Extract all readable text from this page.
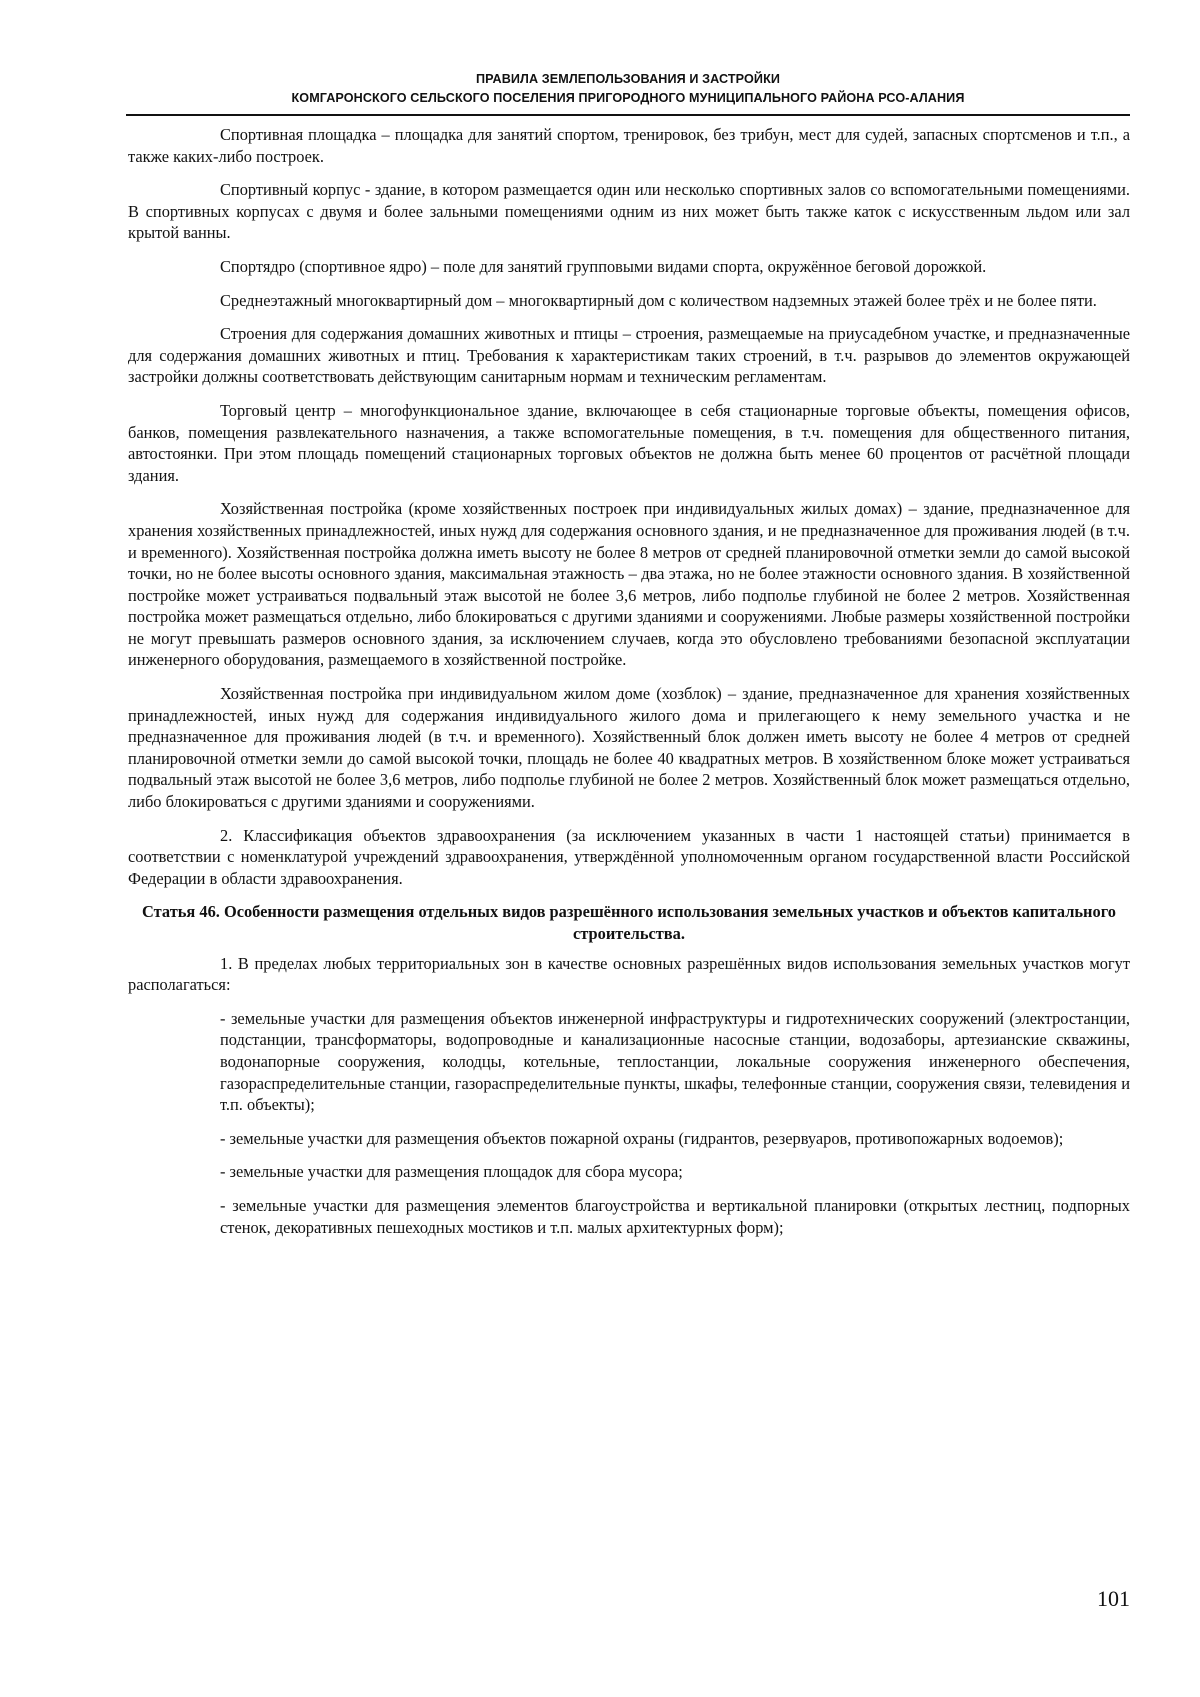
ПРАВИЛА ЗЕМЛЕПОЛЬЗОВАНИЯ И ЗАСТРОЙКИ
КОМГАРОНСКОГО СЕЛЬСКОГО ПОСЕЛЕНИЯ ПРИГОРОДНОГО МУНИЦИПАЛЬНОГО РАЙОНА РСО-АЛАНИЯ

Спортивная площадка – площадка для занятий спортом, тренировок, без трибун, мест для судей, запасных спортсменов и т.п., а также каких-либо построек.

Спортивный корпус - здание, в котором размещается один или несколько спортивных залов со вспомогательными помещениями. В спортивных корпусах с двумя и более зальными помещениями одним из них может быть также каток с искусственным льдом или зал крытой ванны.

Спортядро (спортивное ядро) – поле для занятий групповыми видами спорта, окружённое беговой дорожкой.

Среднеэтажный многоквартирный дом – многоквартирный дом с количеством надземных этажей более трёх и не более пяти.

Строения для содержания домашних животных и птицы – строения, размещаемые на приусадебном участке, и предназначенные для содержания домашних животных и птиц. Требования к характеристикам таких строений, в т.ч. разрывов до элементов окружающей застройки должны соответствовать действующим санитарным нормам и техническим регламентам.

Торговый центр – многофункциональное здание, включающее в себя стационарные торговые объекты, помещения офисов, банков, помещения развлекательного назначения, а также вспомогательные помещения, в т.ч. помещения для общественного питания, автостоянки. При этом площадь помещений стационарных торговых объектов не должна быть менее 60 процентов от расчётной площади здания.

Хозяйственная постройка (кроме хозяйственных построек при индивидуальных жилых домах) – здание, предназначенное для хранения хозяйственных принадлежностей, иных нужд для содержания основного здания, и не предназначенное для проживания людей (в т.ч. и временного). Хозяйственная постройка должна иметь высоту не более 8 метров от средней планировочной отметки земли до самой высокой точки, но не более высоты основного здания, максимальная этажность – два этажа, но не более этажности основного здания. В хозяйственной постройке может устраиваться подвальный этаж высотой не более 3,6 метров, либо подполье глубиной не более 2 метров. Хозяйственная постройка может размещаться отдельно, либо блокироваться с другими зданиями и сооружениями. Любые размеры хозяйственной постройки не могут превышать размеров основного здания, за исключением случаев, когда это обусловлено требованиями безопасной эксплуатации инженерного оборудования, размещаемого в хозяйственной постройке.

Хозяйственная постройка при индивидуальном жилом доме (хозблок) – здание, предназначенное для хранения хозяйственных принадлежностей, иных нужд для содержания индивидуального жилого дома и прилегающего к нему земельного участка и не предназначенное для проживания людей (в т.ч. и временного). Хозяйственный блок должен иметь высоту не более 4 метров от средней планировочной отметки земли до самой высокой точки, площадь не более 40 квадратных метров. В хозяйственном блоке может устраиваться подвальный этаж высотой не более 3,6 метров, либо подполье глубиной не более 2 метров. Хозяйственный блок может размещаться отдельно, либо блокироваться с другими зданиями и сооружениями.

2. Классификация объектов здравоохранения (за исключением указанных в части 1 настоящей статьи) принимается в соответствии с номенклатурой учреждений здравоохранения, утверждённой уполномоченным органом государственной власти Российской Федерации в области здравоохранения.

Статья 46. Особенности размещения отдельных видов разрешённого использования земельных участков и объектов капитального строительства.

1. В пределах любых территориальных зон в качестве основных разрешённых видов использования земельных участков могут располагаться:

- земельные участки для размещения объектов инженерной инфраструктуры и гидротехнических сооружений (электростанции, подстанции, трансформаторы, водопроводные и канализационные насосные станции, водозаборы, артезианские скважины, водонапорные сооружения, колодцы, котельные, теплостанции, локальные сооружения инженерного обеспечения, газораспределительные станции, газораспределительные пункты, шкафы, телефонные станции, сооружения связи, телевидения и т.п. объекты);

- земельные участки для размещения объектов пожарной охраны (гидрантов, резервуаров, противопожарных водоемов);

- земельные участки для размещения площадок для сбора мусора;

- земельные участки для размещения элементов благоустройства и вертикальной планировки (открытых лестниц, подпорных стенок, декоративных пешеходных мостиков и т.п. малых архитектурных форм);

101
